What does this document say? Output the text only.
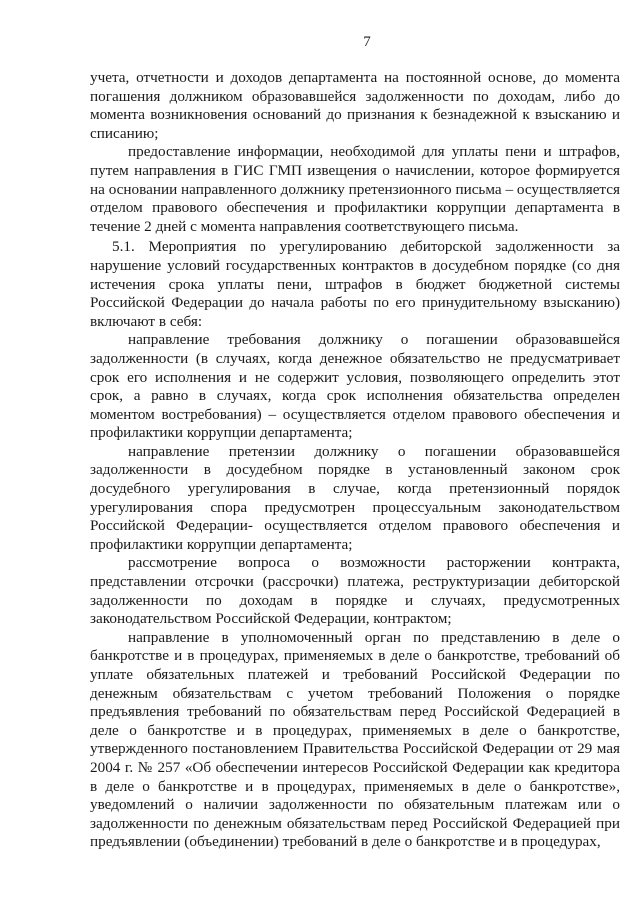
7

учета, отчетности и доходов департамента на постоянной основе, до момента погашения должником образовавшейся задолженности по доходам, либо до момента возникновения оснований до признания к безнадежной к взысканию и списанию;

предоставление информации, необходимой для уплаты пени и штрафов, путем направления в ГИС ГМП извещения о начислении, которое формируется на основании направленного должнику претензионного письма – осуществляется отделом правового обеспечения и профилактики коррупции департамента в течение 2 дней с момента направления соответствующего письма.

5.1. Мероприятия по урегулированию дебиторской задолженности за нарушение условий государственных контрактов в досудебном порядке (со дня истечения срока уплаты пени, штрафов в бюджет бюджетной системы Российской Федерации до начала работы по его принудительному взысканию) включают в себя:

направление требования должнику о погашении образовавшейся задолженности (в случаях, когда денежное обязательство не предусматривает срок его исполнения и не содержит условия, позволяющего определить этот срок, а равно в случаях, когда срок исполнения обязательства определен моментом востребования) – осуществляется отделом правового обеспечения и профилактики коррупции департамента;

направление претензии должнику о погашении образовавшейся задолженности в досудебном порядке в установленный законом срок досудебного урегулирования в случае, когда претензионный порядок урегулирования спора предусмотрен процессуальным законодательством Российской Федерации- осуществляется отделом правового обеспечения и профилактики коррупции департамента;

рассмотрение вопроса о возможности расторжении контракта, представлении отсрочки (рассрочки) платежа, реструктуризации дебиторской задолженности по доходам в порядке и случаях, предусмотренных законодательством Российской Федерации, контрактом;

направление в уполномоченный орган по представлению в деле о банкротстве и в процедурах, применяемых в деле о банкротстве, требований об уплате обязательных платежей и требований Российской Федерации по денежным обязательствам с учетом требований Положения о порядке предъявления требований по обязательствам перед Российской Федерацией в деле о банкротстве и в процедурах, применяемых в деле о банкротстве, утвержденного постановлением Правительства Российской Федерации от 29 мая 2004 г. № 257 «Об обеспечении интересов Российской Федерации как кредитора в деле о банкротстве и в процедурах, применяемых в деле о банкротстве», уведомлений о наличии задолженности по обязательным платежам или о задолженности по денежным обязательствам перед Российской Федерацией при предъявлении (объединении) требований в деле о банкротстве и в процедурах,
